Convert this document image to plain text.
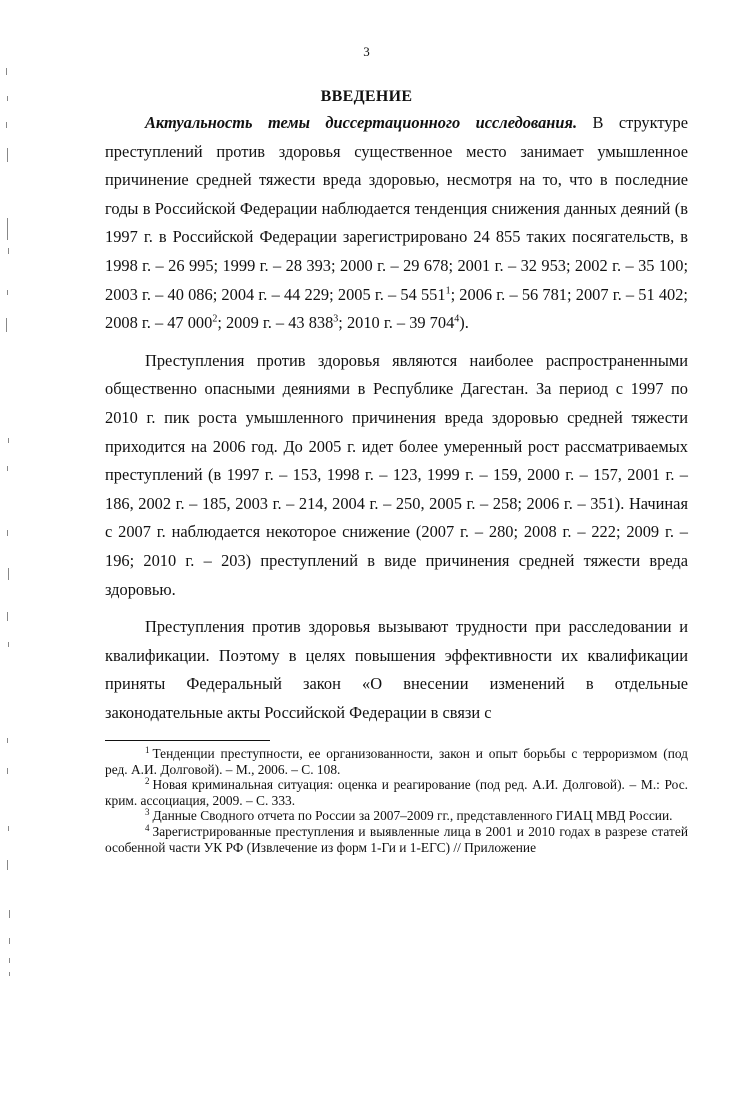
3
ВВЕДЕНИЕ

Актуальность темы диссертационного исследования. В структуре преступлений против здоровья существенное место занимает умышленное причинение средней тяжести вреда здоровью, несмотря на то, что в последние годы в Российской Федерации наблюдается тенденция снижения данных деяний (в 1997 г. в Российской Федерации зарегистрировано 24 855 таких посягательств, в 1998 г. – 26 995; 1999 г. – 28 393; 2000 г. – 29 678; 2001 г. – 32 953; 2002 г. – 35 100; 2003 г. – 40 086; 2004 г. – 44 229; 2005 г. – 54 $551^1$; 2006 г. – 56 781; 2007 г. – 51 402; 2008 г. – 47 $000^2$; 2009 г. – 43 $838^3$; 2010 г. – 39 $704^4$).

Преступления против здоровья являются наиболее распространенными общественно опасными деяниями в Республике Дагестан. За период с 1997 по 2010 г. пик роста умышленного причинения вреда здоровью средней тяжести приходится на 2006 год. До 2005 г. идет более умеренный рост рассматриваемых преступлений (в 1997 г. – 153, 1998 г. – 123, 1999 г. – 159, 2000 г. – 157, 2001 г. – 186, 2002 г. – 185, 2003 г. – 214, 2004 г. – 250, 2005 г. – 258; 2006 г. – 351). Начиная с 2007 г. наблюдается некоторое снижение (2007 г. – 280; 2008 г. – 222; 2009 г. – 196; 2010 г. – 203) преступлений в виде причинения средней тяжести вреда здоровью.

Преступления против здоровья вызывают трудности при расследовании и квалификации. Поэтому в целях повышения эффективности их квалификации приняты Федеральный закон «О внесении изменений в отдельные законодательные акты Российской Федерации в связи с

$^1$ Тенденции преступности, ее организованности, закон и опыт борьбы с терроризмом (под ред. А.И. Долговой). – М., 2006. – С. 108.

$^2$ Новая криминальная ситуация: оценка и реагирование (под ред. А.И. Долговой). – М.: Рос. крим. ассоциация, 2009. – С. 333.

$^3$ Данные Сводного отчета по России за 2007–2009 гг., представленного ГИАЦ МВД России.

$^4$ Зарегистрированные преступления и выявленные лица в 2001 и 2010 годах в разрезе статей особенной части УК РФ (Извлечение из форм 1-Ги и 1-ЕГС) // Приложение
